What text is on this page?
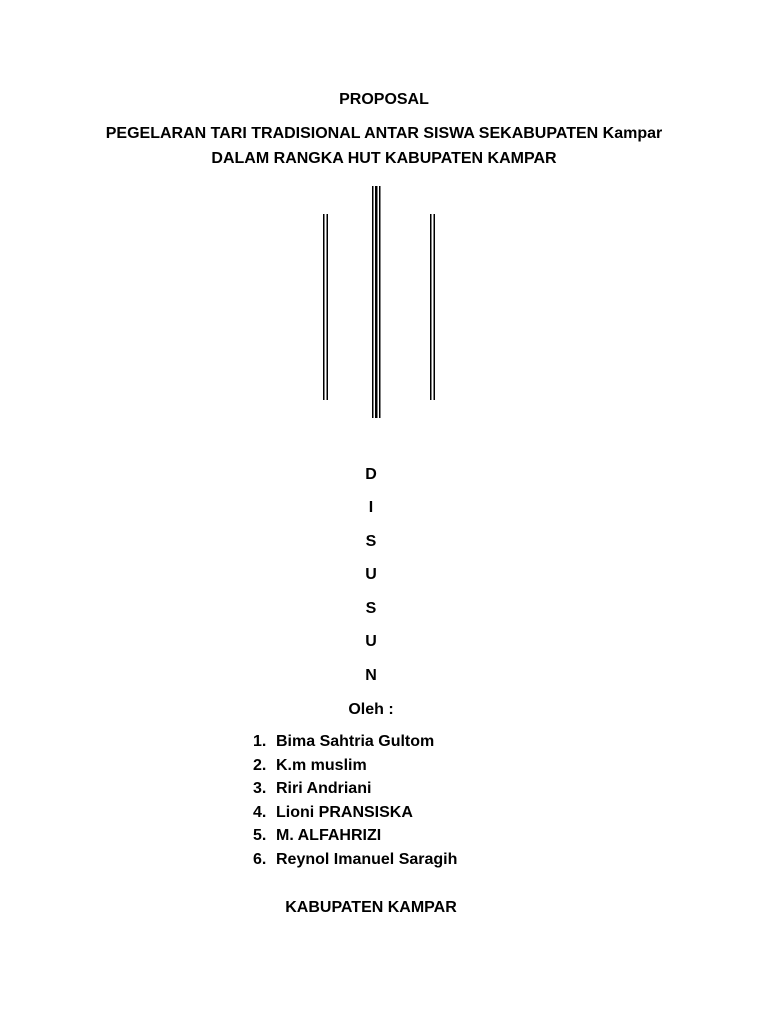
PROPOSAL
PEGELARAN TARI TRADISIONAL ANTAR SISWA SEKABUPATEN Kampar
DALAM RANGKA HUT KABUPATEN KAMPAR
D
I
S
U
S
U
N
Oleh :
1. Bima Sahtria Gultom
2. K.m muslim
3. Riri Andriani
4. Lioni PRANSISKA
5. M. ALFAHRIZI
6. Reynol Imanuel Saragih
KABUPATEN KAMPAR
